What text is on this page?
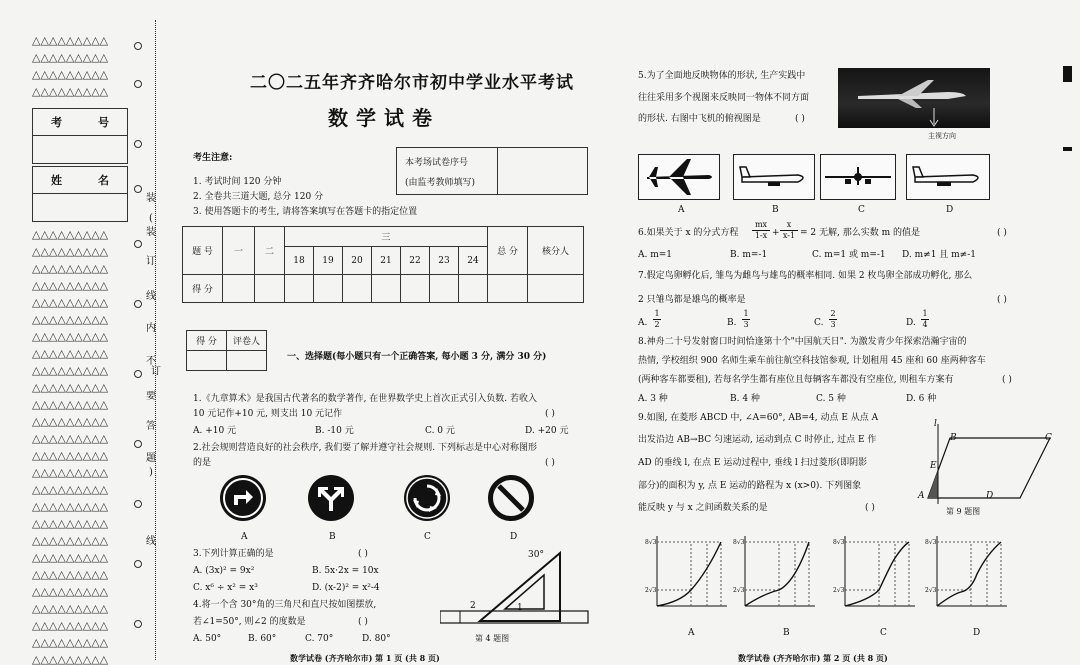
△△△△△△△△△
△△△△△△△△△
△△△△△△△△△
△△△△△△△△△
考	号
姓	名
△△△△△△△△△
△△△△△△△△△
△△△△△△△△△
△△△△△△△△△
△△△△△△△△△
△△△△△△△△△
△△△△△△△△△
△△△△△△△△△
△△△△△△△△△
△△△△△△△△△
△△△△△△△△△
△△△△△△△△△
△△△△△△△△△
△△△△△△△△△
△△△△△△△△△
△△△△△△△△△
△△△△△△△△△
△△△△△△△△△
△△△△△△△△△
△△△△△△△△△
△△△△△△△△△
△△△△△△△△△
△△△△△△△△△
△△△△△△△△△
△△△△△△△△△
△△△△△△△△△
装
(
装
订
线
内
不
订
要
答
题
)
线
二〇二五年齐齐哈尔市初中学业水平考试
数学试卷
考生注意:
1. 考试时间 120 分钟
2. 全卷共三道大题, 总分 120 分
3. 使用答题卡的考生, 请将答案填写在答题卡的指定位置
本考场试卷序号
(由监考教师填写)
题 号	一	二	三							总 分	核分人
			18	19	20	21	22	23	24		
得 分											
得 分	评卷人

一、选择题(每小题只有一个正确答案, 每小题 3 分, 满分 30 分)
1.《九章算术》是我国古代著名的数学著作, 在世界数学史上首次正式引入负数. 若收入
10 元记作+10 元, 则支出 10 元记作	( )
A. +10 元	B. -10 元	C. 0 元	D. +20 元
2.社会规则营造良好的社会秩序, 我们要了解并遵守社会规则. 下列标志是中心对称图形
的是	( )
A	B	C	D
3.下列计算正确的是	( )
A. (3x)² = 9x²	B. 5x·2x = 10x
C. x⁶ ÷ x² = x³	D. (x-2)² = x²-4
4.将一个含 30°角的三角尺和直尺按如图摆放,
若∠1=50°, 则∠2 的度数是	( )
A. 50°	B. 60°	C. 70°	D. 80°
30°
1
2
第 4 题图
数学试卷 (齐齐哈尔市) 第 1 页 (共 8 页)
5.为了全面地反映物体的形状, 生产实践中
往往采用多个视图来反映同一物体不同方面
的形状. 右图中飞机的俯视图是	( )
主视方向
A	B	C	D
6.如果关于 x 的分式方程 $\frac{mx}{1-x} + \frac{x}{x-1} = 2$ 无解, 那么实数 m 的值是	( )
A. m=1	B. m=-1	C. m=1 或 m=-1 D. m≠1 且 m≠-1
7.假定鸟卵孵化后, 雏鸟为雌鸟与雄鸟的概率相同. 如果 2 枚鸟卵全部成功孵化, 那么
2 只雏鸟都是雄鸟的概率是	( )
A. $\frac{1}{2}$	B. $\frac{1}{3}$	C. $\frac{2}{3}$	D. $\frac{1}{4}$
8.神舟二十号发射窗口时间恰逢第十个"中国航天日". 为激发青少年探索浩瀚宇宙的
热情, 学校组织 900 名师生乘车前往航空科技馆参观, 计划租用 45 座和 60 座两种客车
(两种客车都要租), 若每名学生都有座位且每辆客车都没有空座位, 则租车方案有	( )
A. 3 种	B. 4 种	C. 5 种	D. 6 种
9.如图, 在菱形 ABCD 中, ∠A=60°, AB=4, 动点 E 从点 A
出发沿边 AB→BC 匀速运动, 运动到点 C 时停止, 过点 E 作
AD 的垂线 l, 在点 E 运动过程中, 垂线 l 扫过菱形(即阴影
部分)的面积为 y, 点 E 运动的路程为 x (x>0). 下列图象
能反映 y 与 x 之间函数关系的是	( )
l
B	C
E
A	D
第 9 题图
8√3
2√3
8√3
2√3
8√3
2√3
8√3
2√3
A	B	C	D
数学试卷 (齐齐哈尔市) 第 2 页 (共 8 页)
